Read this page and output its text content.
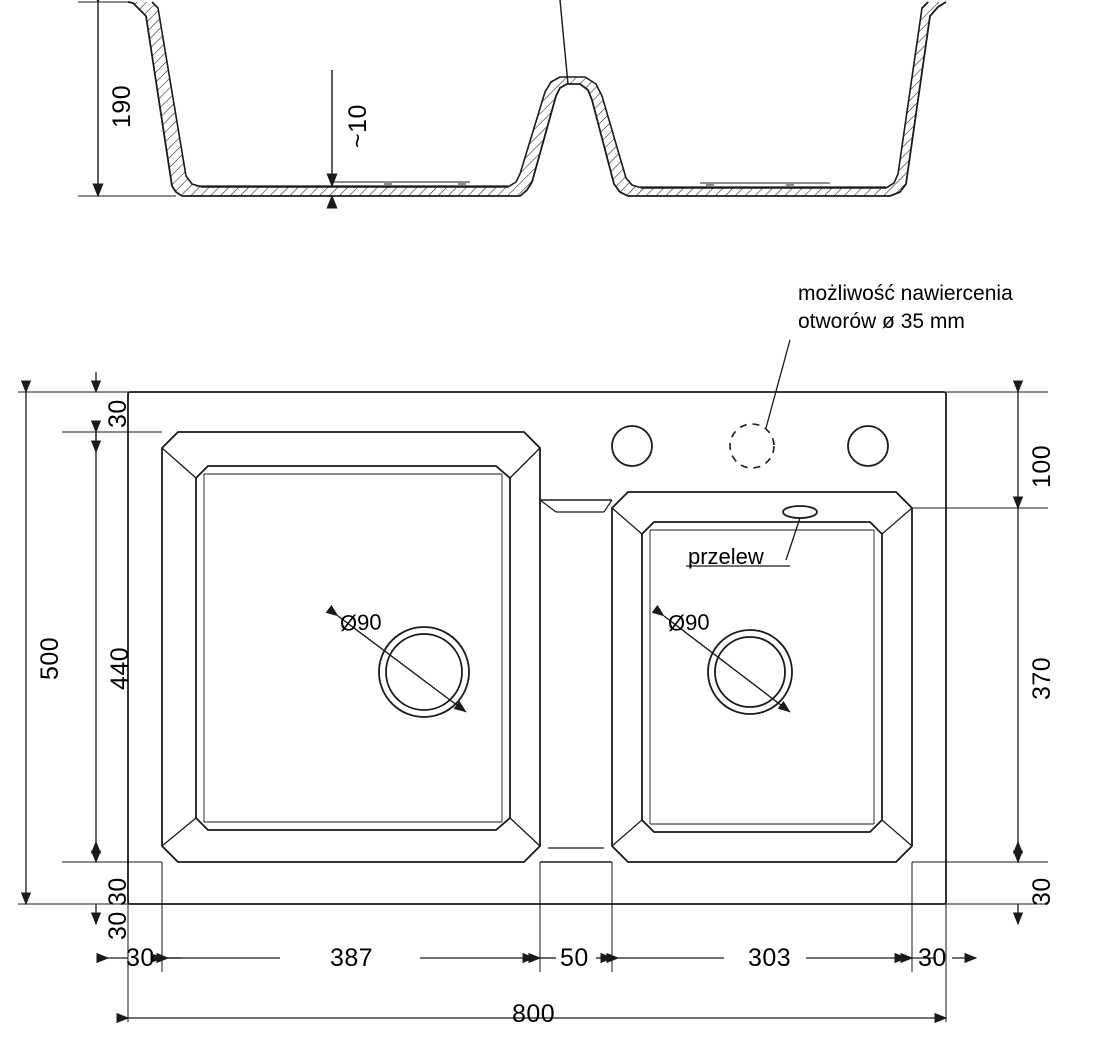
190	~10
możliwość nawiercenia
otworów ø 35 mm
przelew
Ø90	Ø90
500 440
30
30
30
100
370
30
30	387	50	303	30
800
